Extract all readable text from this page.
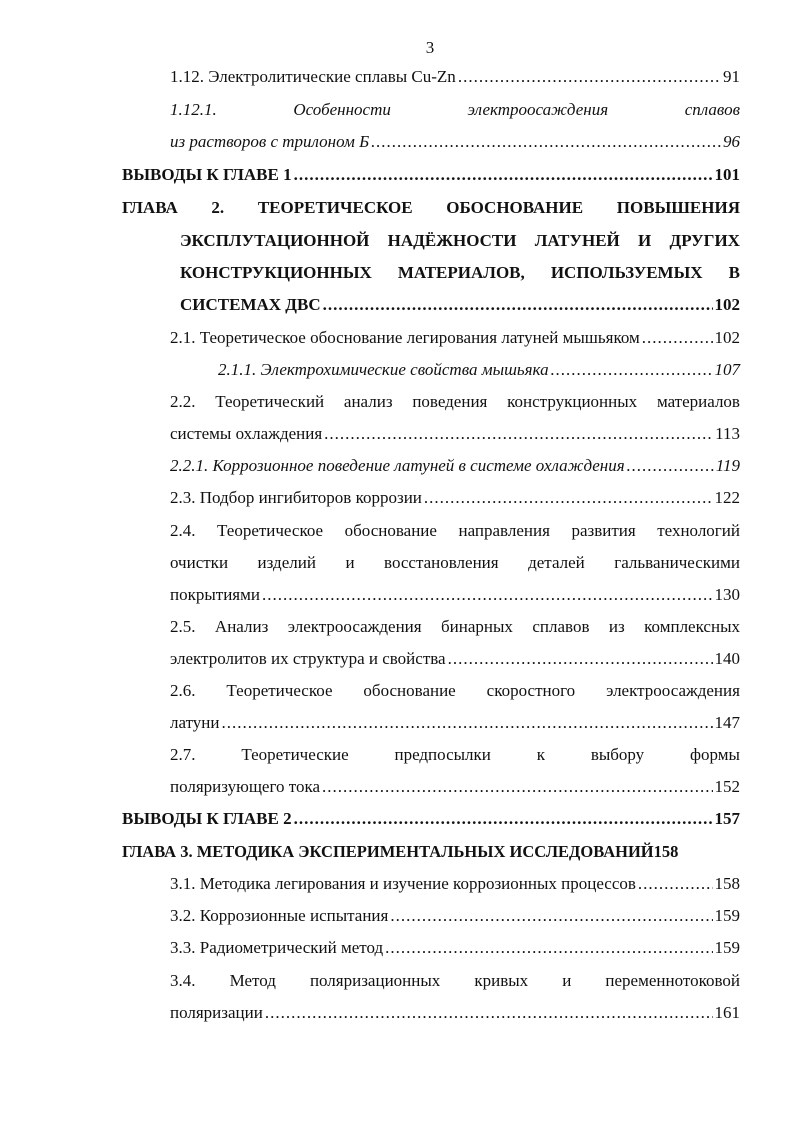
3
1.12. Электролитические сплавы Cu-Zn .....	91
1.12.1.	Особенности	электроосаждения	сплавов
из растворов с трилоном Б .....	96
ВЫВОДЫ К ГЛАВЕ 1 .....	101
ГЛАВА 2. ТЕОРЕТИЧЕСКОЕ ОБОСНОВАНИЕ ПОВЫШЕНИЯ
ЭКСПЛУТАЦИОННОЙ НАДЁЖНОСТИ ЛАТУНЕЙ И ДРУГИХ
КОНСТРУКЦИОННЫХ МАТЕРИАЛОВ, ИСПОЛЬЗУЕМЫХ В
СИСТЕМАХ ДВС .....	102
2.1. Теоретическое обоснование легирования латуней мышьяком .....	102
2.1.1. Электрохимические свойства мышьяка .....	107
2.2. Теоретический анализ поведения конструкционных материалов
системы охлаждения .....	113
2.2.1. Коррозионное поведение латуней в системе охлаждения .....	119
2.3. Подбор ингибиторов коррозии .....	122
2.4. Теоретическое обоснование направления развития технологий
очистки изделий и восстановления деталей гальваническими
покрытиями .....	130
2.5. Анализ электроосаждения бинарных сплавов из комплексных
электролитов их структура и свойства .....	140
2.6. Теоретическое обоснование скоростного электроосаждения
латуни .....	147
2.7.	Теоретические	предпосылки	к	выбору	формы
поляризующего тока .....	152
ВЫВОДЫ К ГЛАВЕ 2 .....	157
ГЛАВА 3. МЕТОДИКА ЭКСПЕРИМЕНТАЛЬНЫХ ИССЛЕДОВАНИЙ 158
3.1. Методика легирования и изучение коррозионных процессов .....	158
3.2. Коррозионные испытания .....	159
3.3. Радиометрический метод .....	159
3.4. Метод поляризационных кривых и переменнотоковой
поляризации .....	161
